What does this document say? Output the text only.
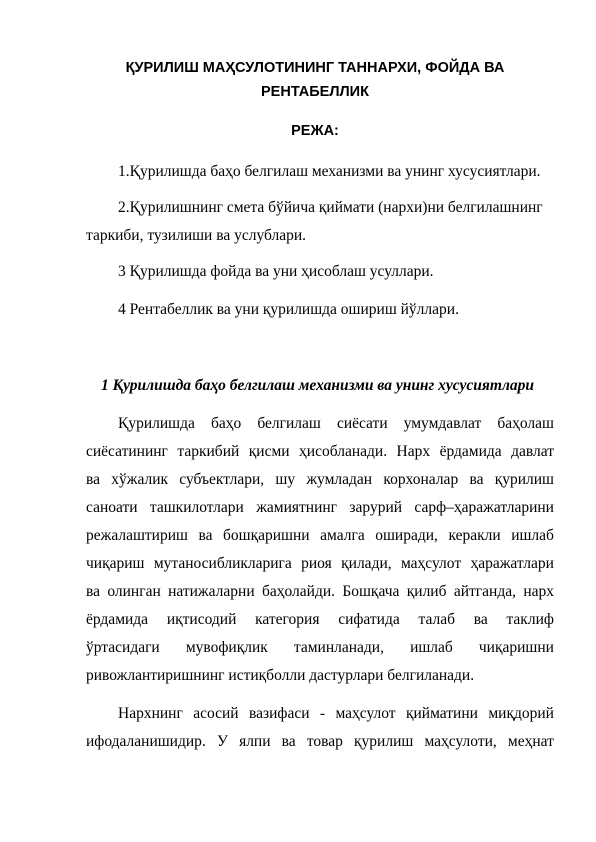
ҚУРИЛИШ МАҲСУЛОТИНИНГ ТАННАРХИ, ФОЙДА ВА
РЕНТАБЕЛЛИК
РЕЖА:
1.Қурилишда баҳо белгилаш механизми ва унинг хусусиятлари.
2.Қурилишнинг смета бўйича қиймати (нархи)ни белгилашнинг
таркиби, тузилиши ва услублари.
3 Қурилишда фойда ва уни ҳисоблаш усуллари.
4 Рентабеллик ва уни қурилишда ошириш йўллари.
1 Қурилишда баҳо белгилаш механизми ва унинг хусусиятлари
Қурилишда баҳо белгилаш сиёсати умумдавлат баҳолаш
сиёсатининг таркибий қисми ҳисобланади. Нарх ёрдамида давлат
ва хўжалик субъектлари, шу жумладан корхоналар ва қурилиш
саноати ташкилотлари жамиятнинг зарурий сарф–ҳаражатларини
режалаштириш ва бошқаришни амалга оширади, керакли ишлаб
чиқариш мутаносибликларига риоя қилади, маҳсулот ҳаражатлари
ва олинган натижаларни баҳолайди. Бошқача қилиб айтганда, нарх
ёрдамида иқтисодий категория сифатида талаб ва таклиф
ўртасидаги мувофиқлик таминланади, ишлаб чиқаришни
ривожлантиришнинг истиқболли дастурлари белгиланади.
Нархнинг асосий вазифаси - маҳсулот қийматини миқдорий
ифодаланишидир. У ялпи ва товар қурилиш маҳсулоти, меҳнат
